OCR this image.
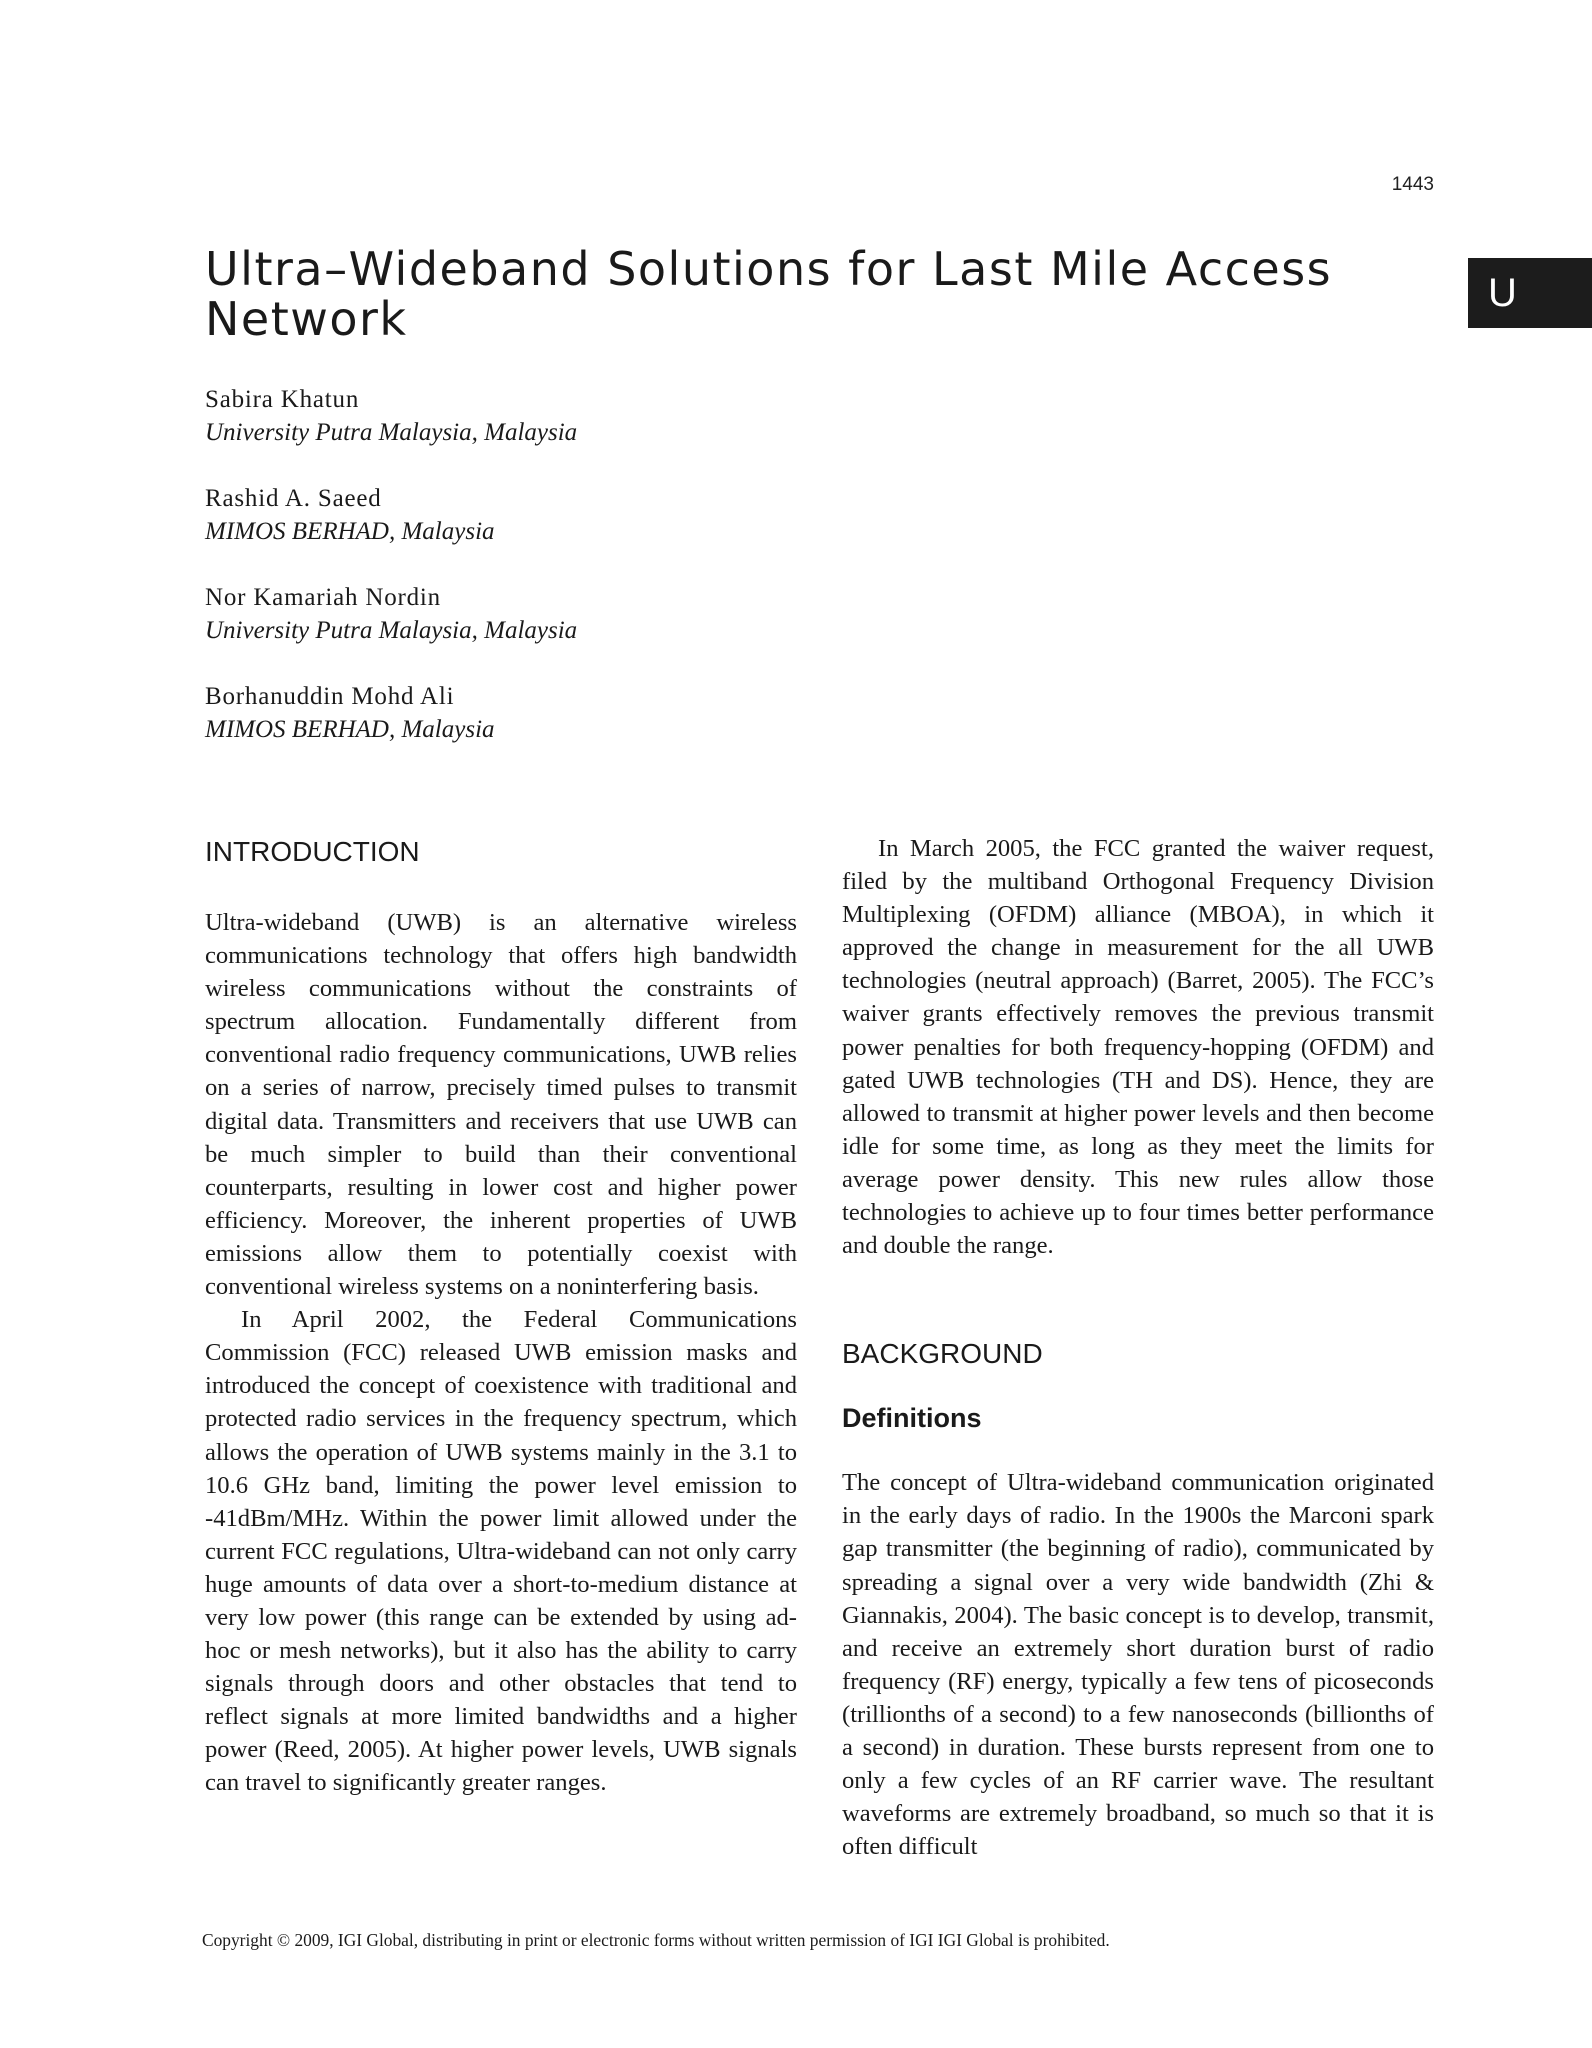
1443
U
Ultra–Wideband Solutions for Last Mile Access Network
Sabira Khatun
University Putra Malaysia, Malaysia
Rashid A. Saeed
MIMOS BERHAD, Malaysia
Nor Kamariah Nordin
University Putra Malaysia, Malaysia
Borhanuddin Mohd Ali
MIMOS BERHAD, Malaysia
INTRODUCTION

Ultra-wideband (UWB) is an alternative wireless communications technology that offers high bandwidth wireless communications without the constraints of spectrum allocation. Fundamentally different from conventional radio frequency communications, UWB relies on a series of narrow, precisely timed pulses to transmit digital data. Transmitters and receivers that use UWB can be much simpler to build than their conventional counterparts, resulting in lower cost and higher power efficiency. Moreover, the inherent properties of UWB emissions allow them to potentially coexist with conventional wireless systems on a noninterfering basis.

In April 2002, the Federal Communications Commission (FCC) released UWB emission masks and introduced the concept of coexistence with traditional and protected radio services in the frequency spectrum, which allows the operation of UWB systems mainly in the 3.1 to 10.6 GHz band, limiting the power level emission to -41dBm/MHz. Within the power limit allowed under the current FCC regulations, Ultra-wideband can not only carry huge amounts of data over a short-to-medium distance at very low power (this range can be extended by using ad-hoc or mesh networks), but it also has the ability to carry signals through doors and other obstacles that tend to reflect signals at more limited bandwidths and a higher power (Reed, 2005). At higher power levels, UWB signals can travel to significantly greater ranges.

In March 2005, the FCC granted the waiver request, filed by the multiband Orthogonal Frequency Division Multiplexing (OFDM) alliance (MBOA), in which it approved the change in measurement for the all UWB technologies (neutral approach) (Barret, 2005). The FCC’s waiver grants effectively removes the previous transmit power penalties for both frequency-hopping (OFDM) and gated UWB technologies (TH and DS). Hence, they are allowed to transmit at higher power levels and then become idle for some time, as long as they meet the limits for average power density. This new rules allow those technologies to achieve up to four times better performance and double the range.

BACKGROUND
Definitions

The concept of Ultra-wideband communication originated in the early days of radio. In the 1900s the Marconi spark gap transmitter (the beginning of radio), communicated by spreading a signal over a very wide bandwidth (Zhi & Giannakis, 2004). The basic concept is to develop, transmit, and receive an extremely short duration burst of radio frequency (RF) energy, typically a few tens of picoseconds (trillionths of a second) to a few nanoseconds (billionths of a second) in duration. These bursts represent from one to only a few cycles of an RF carrier wave. The resultant waveforms are extremely broadband, so much so that it is often difficult

Copyright © 2009, IGI Global, distributing in print or electronic forms without written permission of IGI IGI Global is prohibited.
